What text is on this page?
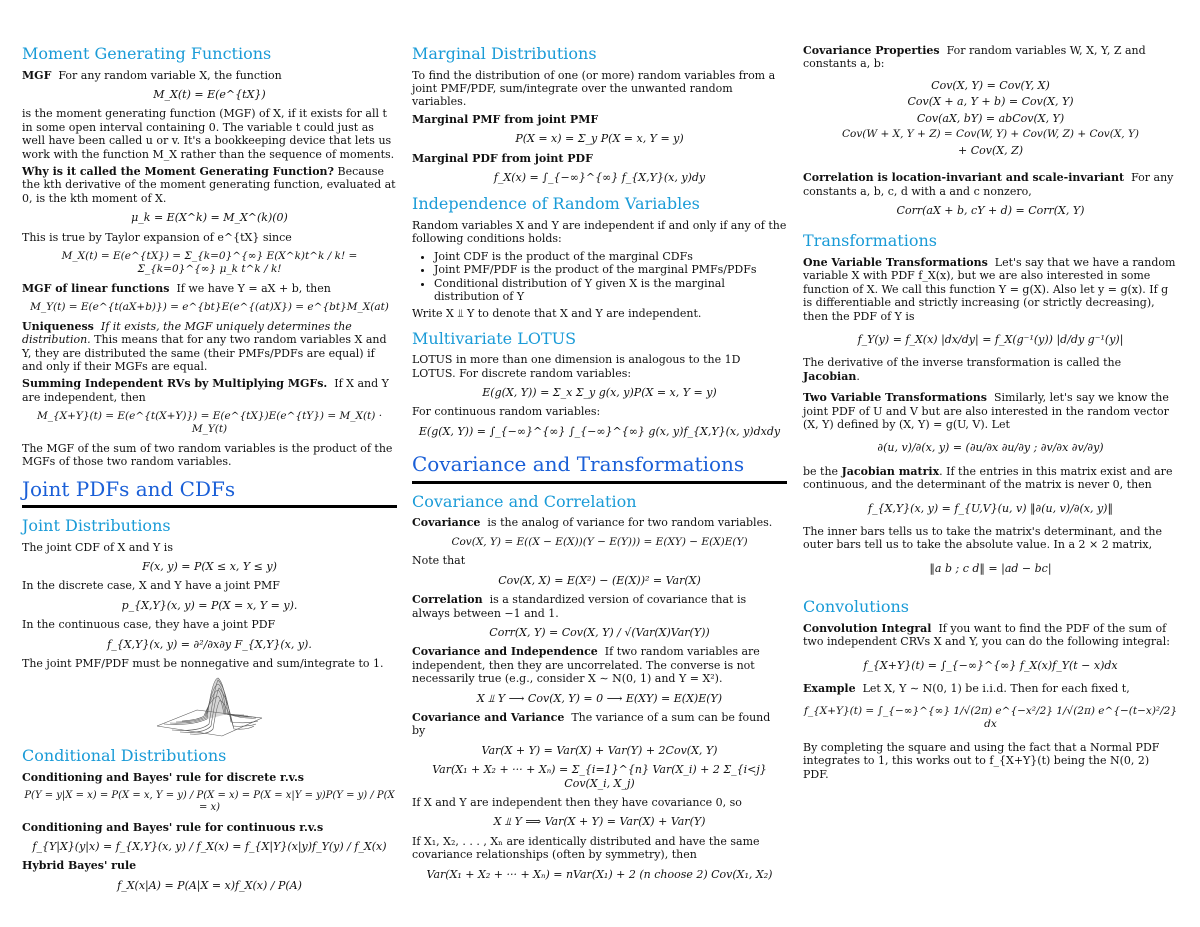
Moment Generating Functions

MGF For any random variable X, the function

M_X(t) = E(e^{tX})

is the moment generating function (MGF) of X, if it exists for all t in some open interval containing 0. The variable t could just as well have been called u or v. It's a bookkeeping device that lets us work with the function M_X rather than the sequence of moments.

Why is it called the Moment Generating Function? Because the kth derivative of the moment generating function, evaluated at 0, is the kth moment of X.

μ_k = E(X^k) = M_X^(k)(0)

This is true by Taylor expansion of e^{tX} since

M_X(t) = E(e^{tX}) = Σ_{k=0}^{∞} E(X^k)t^k / k! = Σ_{k=0}^{∞} μ_k t^k / k!

MGF of linear functions If we have Y = aX + b, then

M_Y(t) = E(e^{t(aX+b)}) = e^{bt}E(e^{(at)X}) = e^{bt}M_X(at)

Uniqueness If it exists, the MGF uniquely determines the distribution. This means that for any two random variables X and Y, they are distributed the same (their PMFs/PDFs are equal) if and only if their MGFs are equal.

Summing Independent RVs by Multiplying MGFs. If X and Y are independent, then

M_{X+Y}(t) = E(e^{t(X+Y)}) = E(e^{tX})E(e^{tY}) = M_X(t) · M_Y(t)

The MGF of the sum of two random variables is the product of the MGFs of those two random variables.

Joint PDFs and CDFs
Joint Distributions

The joint CDF of X and Y is

F(x, y) = P(X ≤ x, Y ≤ y)

In the discrete case, X and Y have a joint PMF

p_{X,Y}(x, y) = P(X = x, Y = y).

In the continuous case, they have a joint PDF

f_{X,Y}(x, y) = ∂²/∂x∂y F_{X,Y}(x, y).

The joint PMF/PDF must be nonnegative and sum/integrate to 1.

Conditional Distributions

Conditioning and Bayes' rule for discrete r.v.s

P(Y = y|X = x) = P(X = x, Y = y) / P(X = x) = P(X = x|Y = y)P(Y = y) / P(X = x)

Conditioning and Bayes' rule for continuous r.v.s

f_{Y|X}(y|x) = f_{X,Y}(x, y) / f_X(x) = f_{X|Y}(x|y)f_Y(y) / f_X(x)

Hybrid Bayes' rule

f_X(x|A) = P(A|X = x)f_X(x) / P(A)
Marginal Distributions

To find the distribution of one (or more) random variables from a joint PMF/PDF, sum/integrate over the unwanted random variables.

Marginal PMF from joint PMF

P(X = x) = Σ_y P(X = x, Y = y)

Marginal PDF from joint PDF

f_X(x) = ∫_{−∞}^{∞} f_{X,Y}(x, y)dy
Independence of Random Variables

Random variables X and Y are independent if and only if any of the following conditions holds:

• Joint CDF is the product of the marginal CDFs
• Joint PMF/PDF is the product of the marginal PMFs/PDFs
• Conditional distribution of Y given X is the marginal distribution of Y

Write X ⫫ Y to denote that X and Y are independent.

Multivariate LOTUS

LOTUS in more than one dimension is analogous to the 1D LOTUS. For discrete random variables:

E(g(X, Y)) = Σ_x Σ_y g(x, y)P(X = x, Y = y)

For continuous random variables:

E(g(X, Y)) = ∫_{−∞}^{∞} ∫_{−∞}^{∞} g(x, y)f_{X,Y}(x, y)dxdy
Covariance and Transformations
Covariance and Correlation

Covariance is the analog of variance for two random variables.

Cov(X, Y) = E((X − E(X))(Y − E(Y))) = E(XY) − E(X)E(Y)

Note that

Cov(X, X) = E(X²) − (E(X))² = Var(X)

Correlation is a standardized version of covariance that is always between −1 and 1.

Corr(X, Y) = Cov(X, Y) / √(Var(X)Var(Y))

Covariance and Independence If two random variables are independent, then they are uncorrelated. The converse is not necessarily true (e.g., consider X ∼ N(0, 1) and Y = X²).

X ⫫ Y ⟶ Cov(X, Y) = 0 ⟶ E(XY) = E(X)E(Y)

Covariance and Variance The variance of a sum can be found by

Var(X + Y) = Var(X) + Var(Y) + 2Cov(X, Y)
Var(X₁ + X₂ + ··· + Xₙ) = Σ_{i=1}^{n} Var(X_i) + 2 Σ_{i<j} Cov(X_i, X_j)

If X and Y are independent then they have covariance 0, so

X ⫫ Y ⟹ Var(X + Y) = Var(X) + Var(Y)

If X₁, X₂, . . . , Xₙ are identically distributed and have the same covariance relationships (often by symmetry), then

Var(X₁ + X₂ + ··· + Xₙ) = nVar(X₁) + 2 (n choose 2) Cov(X₁, X₂)

Covariance Properties For random variables W, X, Y, Z and constants a, b:

Cov(X, Y) = Cov(Y, X)
Cov(X + a, Y + b) = Cov(X, Y)
Cov(aX, bY) = abCov(X, Y)
Cov(W + X, Y + Z) = Cov(W, Y) + Cov(W, Z) + Cov(X, Y)
+ Cov(X, Z)

Correlation is location-invariant and scale-invariant For any constants a, b, c, d with a and c nonzero,

Corr(aX + b, cY + d) = Corr(X, Y)
Transformations

One Variable Transformations Let's say that we have a random variable X with PDF f_X(x), but we are also interested in some function of X. We call this function Y = g(X). Also let y = g(x). If g is differentiable and strictly increasing (or strictly decreasing), then the PDF of Y is

f_Y(y) = f_X(x) |dx/dy| = f_X(g⁻¹(y)) |d/dy g⁻¹(y)|

The derivative of the inverse transformation is called the Jacobian.

Two Variable Transformations Similarly, let's say we know the joint PDF of U and V but are also interested in the random vector (X, Y) defined by (X, Y) = g(U, V). Let

∂(u, v)/∂(x, y) = (∂u/∂x ∂u/∂y ; ∂v/∂x ∂v/∂y)

be the Jacobian matrix. If the entries in this matrix exist and are continuous, and the determinant of the matrix is never 0, then

f_{X,Y}(x, y) = f_{U,V}(u, v) ‖∂(u, v)/∂(x, y)‖

The inner bars tells us to take the matrix's determinant, and the outer bars tell us to take the absolute value. In a 2 × 2 matrix,

‖a b ; c d‖ = |ad − bc|
Convolutions

Convolution Integral If you want to find the PDF of the sum of two independent CRVs X and Y, you can do the following integral:

f_{X+Y}(t) = ∫_{−∞}^{∞} f_X(x)f_Y(t − x)dx

Example Let X, Y ∼ N(0, 1) be i.i.d. Then for each fixed t,

f_{X+Y}(t) = ∫_{−∞}^{∞} 1/√(2π) e^{−x²/2} 1/√(2π) e^{−(t−x)²/2} dx

By completing the square and using the fact that a Normal PDF integrates to 1, this works out to f_{X+Y}(t) being the N(0, 2) PDF.
